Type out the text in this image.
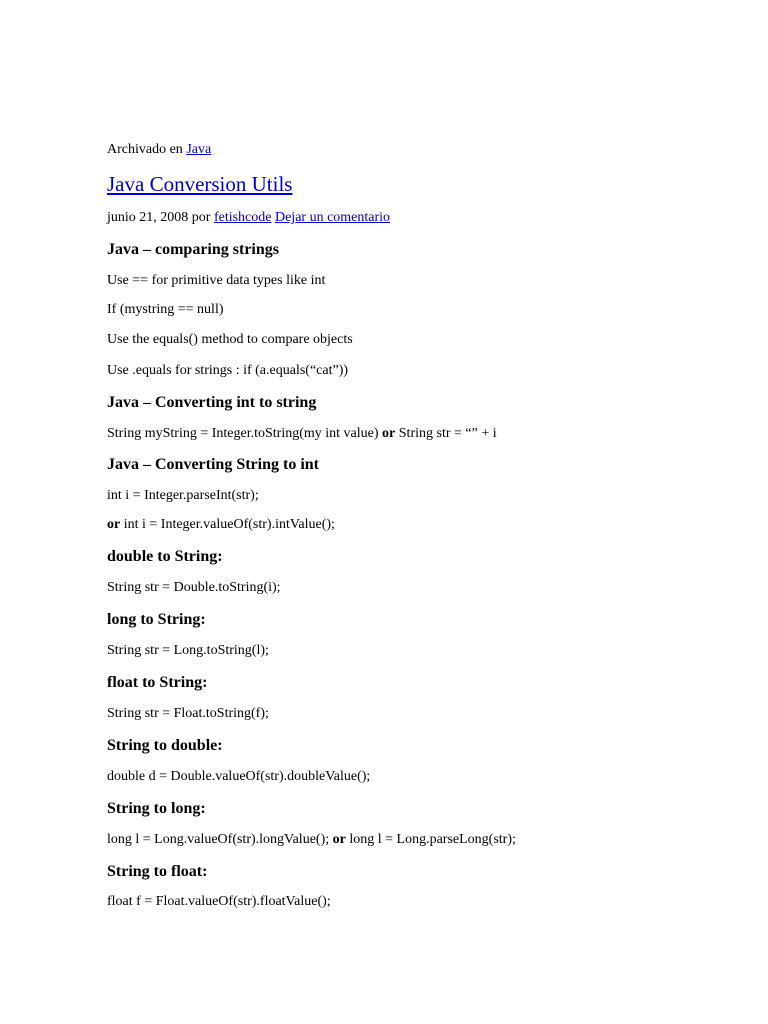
Archivado en Java
Java Conversion Utils
junio 21, 2008 por fetishcode Dejar un comentario
Java – comparing strings
Use == for primitive data types like int
If (mystring == null)
Use the equals() method to compare objects
Use .equals for strings : if (a.equals(“cat”))
Java – Converting int to string
String myString = Integer.toString(my int value) or String str = “” + i
Java – Converting String to int
int i = Integer.parseInt(str);
or int i = Integer.valueOf(str).intValue();
double to String:
String str = Double.toString(i);
long to String:
String str = Long.toString(l);
float to String:
String str = Float.toString(f);
String to double:
double d = Double.valueOf(str).doubleValue();
String to long:
long l = Long.valueOf(str).longValue(); or long l = Long.parseLong(str);
String to float:
float f = Float.valueOf(str).floatValue();
